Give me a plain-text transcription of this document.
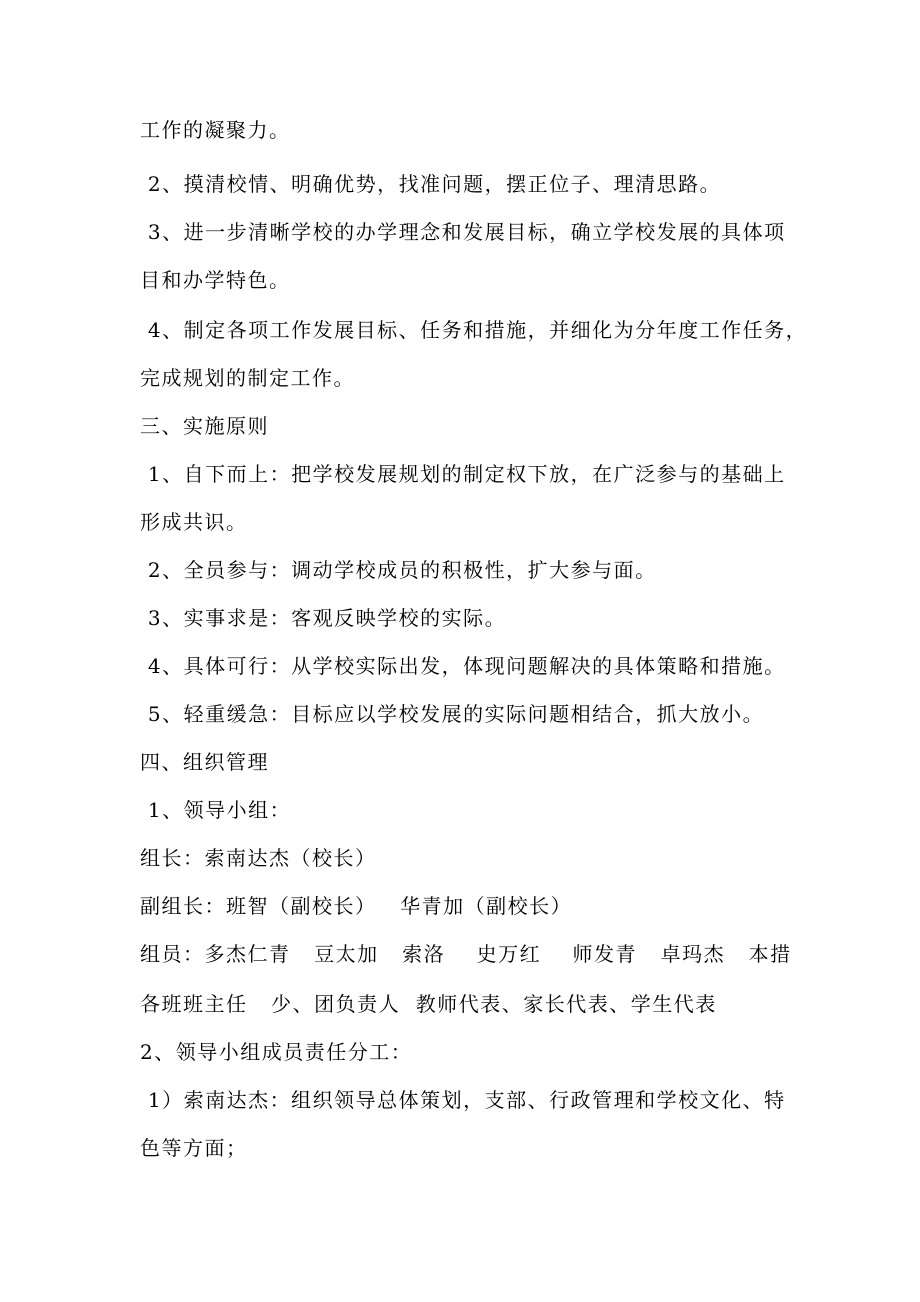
工作的凝聚力。
2、摸清校情、明确优势，找准问题，摆正位子、理清思路。
3、进一步清晰学校的办学理念和发展目标，确立学校发展的具体项
目和办学特色。
4、制定各项工作发展目标、任务和措施，并细化为分年度工作任务，
完成规划的制定工作。
三、实施原则
1、自下而上：把学校发展规划的制定权下放，在广泛参与的基础上
形成共识。
2、全员参与：调动学校成员的积极性，扩大参与面。
3、实事求是：客观反映学校的实际。
4、具体可行：从学校实际出发，体现问题解决的具体策略和措施。
5、轻重缓急：目标应以学校发展的实际问题相结合，抓大放小。
四、组织管理
1、领导小组：
组长：索南达杰（校长）
副组长：班智（副校长）   华青加（副校长）
组员：多杰仁青   豆太加   索洛    史万红    师发青   卓玛杰   本措
各班班主任   少、团负责人  教师代表、家长代表、学生代表
2、领导小组成员责任分工：
1）索南达杰：组织领导总体策划，支部、行政管理和学校文化、特
色等方面；
